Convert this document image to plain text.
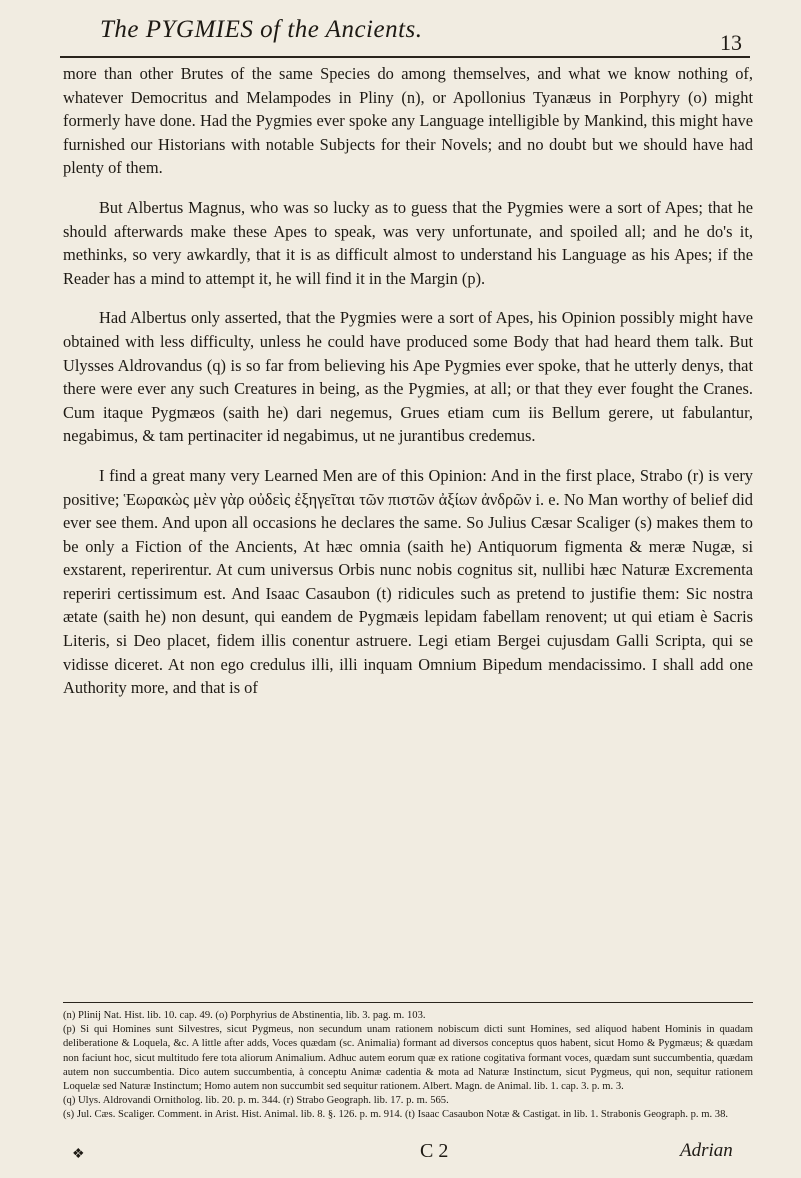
The PYGMIES of the Ancients.	13

more than other Brutes of the same Species do among themselves, and what we know nothing of, whatever Democritus and Melampodes in Pliny (n), or Apollonius Tyanæus in Porphyry (o) might formerly have done. Had the Pygmies ever spoke any Language intelligible by Mankind, this might have furnished our Historians with notable Subjects for their Novels; and no doubt but we should have had plenty of them.

But Albertus Magnus, who was so lucky as to guess that the Pygmies were a sort of Apes; that he should afterwards make these Apes to speak, was very unfortunate, and spoiled all; and he do's it, methinks, so very awkardly, that it is as difficult almost to understand his Language as his Apes; if the Reader has a mind to attempt it, he will find it in the Margin (p).

Had Albertus only asserted, that the Pygmies were a sort of Apes, his Opinion possibly might have obtained with less difficulty, unless he could have produced some Body that had heard them talk. But Ulysses Aldrovandus (q) is so far from believing his Ape Pygmies ever spoke, that he utterly denys, that there were ever any such Creatures in being, as the Pygmies, at all; or that they ever fought the Cranes. Cum itaque Pygmæos (saith he) dari negemus, Grues etiam cum iis Bellum gerere, ut fabulantur, negabimus, & tam pertinaciter id negabimus, ut ne jurantibus credemus.

I find a great many very Learned Men are of this Opinion: And in the first place, Strabo (r) is very positive; Ἑωρακὼς μὲν γὰρ οὐδεὶς ἐξηγεῖται τῶν πιστῶν ἀξίων ἀνδρῶν i. e. No Man worthy of belief did ever see them. And upon all occasions he declares the same. So Julius Cæsar Scaliger (s) makes them to be only a Fiction of the Ancients, At hæc omnia (saith he) Antiquorum figmenta & meræ Nugæ, si exstarent, reperirentur. At cum universus Orbis nunc nobis cognitus sit, nullibi hæc Naturæ Excrementa reperiri certissimum est. And Isaac Casaubon (t) ridicules such as pretend to justifie them: Sic nostra ætate (saith he) non desunt, qui eandem de Pygmæis lepidam fabellam renovent; ut qui etiam è Sacris Literis, si Deo placet, fidem illis conentur astruere. Legi etiam Bergei cujusdam Galli Scripta, qui se vidisse diceret. At non ego credulus illi, illi inquam Omnium Bipedum mendacissimo. I shall add one Authority more, and that is of

(n) Plinij Nat. Hist. lib. 10. cap. 49. (o) Porphyrius de Abstinentia, lib. 3. pag. m. 103.

(p) Si qui Homines sunt Silvestres, sicut Pygmeus, non secundum unam rationem nobiscum dicti sunt Homines, sed aliquod habent Hominis in quadam deliberatione & Loquela, &c. A little after adds, Voces quædam (sc. Animalia) formant ad diversos conceptus quos habent, sicut Homo & Pygmæus; & quædam non faciunt hoc, sicut multitudo fere tota aliorum Animalium. Adhuc autem eorum quæ ex ratione cogitativa formant voces, quædam sunt succumbentia, quædam autem non succumbentia. Dico autem succumbentia, à conceptu Animæ cadentia & mota ad Naturæ Instinctum, sicut Pygmeus, qui non, sequitur rationem Loquelæ sed Naturæ Instinctum; Homo autem non succumbit sed sequitur rationem. Albert. Magn. de Animal. lib. 1. cap. 3. p. m. 3.

(q) Ulys. Aldrovandi Ornitholog. lib. 20. p. m. 344. (r) Strabo Geograph. lib. 17. p. m. 565.

(s) Jul. Cæs. Scaliger. Comment. in Arist. Hist. Animal. lib. 8. §. 126. p. m. 914. (t) Isaac Casaubon Notæ & Castigat. in lib. 1. Strabonis Geograph. p. m. 38.

❖	C 2	Adrian
